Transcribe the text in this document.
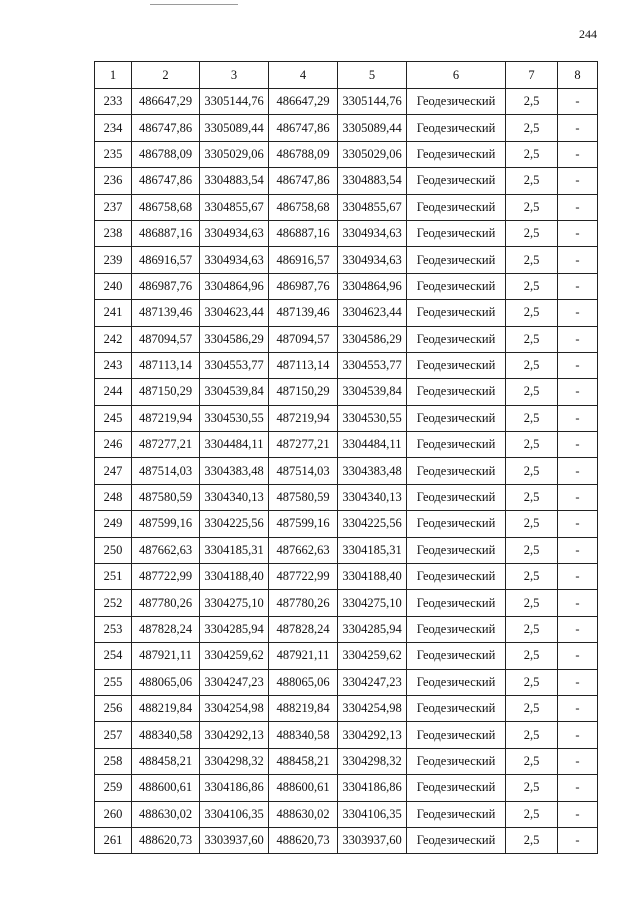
244
1	2	3	4	5	6	7	8
233	486647,29	3305144,76	486647,29	3305144,76	Геодезический	2,5	-
234	486747,86	3305089,44	486747,86	3305089,44	Геодезический	2,5	-
235	486788,09	3305029,06	486788,09	3305029,06	Геодезический	2,5	-
236	486747,86	3304883,54	486747,86	3304883,54	Геодезический	2,5	-
237	486758,68	3304855,67	486758,68	3304855,67	Геодезический	2,5	-
238	486887,16	3304934,63	486887,16	3304934,63	Геодезический	2,5	-
239	486916,57	3304934,63	486916,57	3304934,63	Геодезический	2,5	-
240	486987,76	3304864,96	486987,76	3304864,96	Геодезический	2,5	-
241	487139,46	3304623,44	487139,46	3304623,44	Геодезический	2,5	-
242	487094,57	3304586,29	487094,57	3304586,29	Геодезический	2,5	-
243	487113,14	3304553,77	487113,14	3304553,77	Геодезический	2,5	-
244	487150,29	3304539,84	487150,29	3304539,84	Геодезический	2,5	-
245	487219,94	3304530,55	487219,94	3304530,55	Геодезический	2,5	-
246	487277,21	3304484,11	487277,21	3304484,11	Геодезический	2,5	-
247	487514,03	3304383,48	487514,03	3304383,48	Геодезический	2,5	-
248	487580,59	3304340,13	487580,59	3304340,13	Геодезический	2,5	-
249	487599,16	3304225,56	487599,16	3304225,56	Геодезический	2,5	-
250	487662,63	3304185,31	487662,63	3304185,31	Геодезический	2,5	-
251	487722,99	3304188,40	487722,99	3304188,40	Геодезический	2,5	-
252	487780,26	3304275,10	487780,26	3304275,10	Геодезический	2,5	-
253	487828,24	3304285,94	487828,24	3304285,94	Геодезический	2,5	-
254	487921,11	3304259,62	487921,11	3304259,62	Геодезический	2,5	-
255	488065,06	3304247,23	488065,06	3304247,23	Геодезический	2,5	-
256	488219,84	3304254,98	488219,84	3304254,98	Геодезический	2,5	-
257	488340,58	3304292,13	488340,58	3304292,13	Геодезический	2,5	-
258	488458,21	3304298,32	488458,21	3304298,32	Геодезический	2,5	-
259	488600,61	3304186,86	488600,61	3304186,86	Геодезический	2,5	-
260	488630,02	3304106,35	488630,02	3304106,35	Геодезический	2,5	-
261	488620,73	3303937,60	488620,73	3303937,60	Геодезический	2,5	-
